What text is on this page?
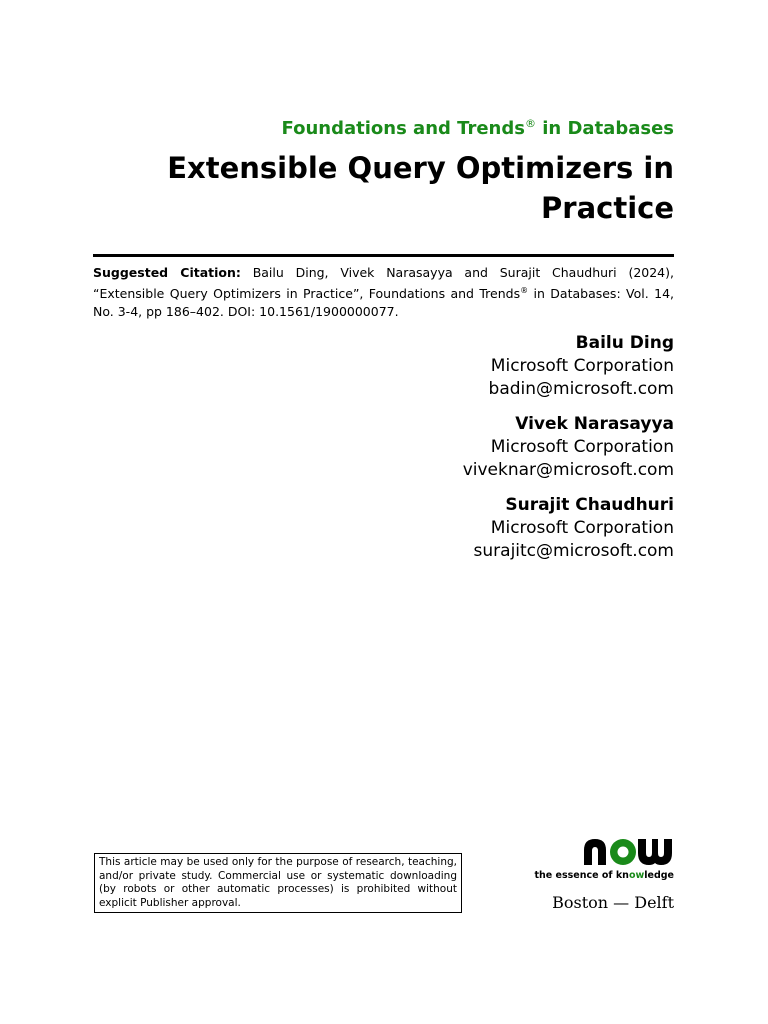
Foundations and Trends® in Databases
Extensible Query Optimizers in Practice
Suggested Citation: Bailu Ding, Vivek Narasayya and Surajit Chaudhuri (2024), “Extensible Query Optimizers in Practice”, Foundations and Trends® in Databases: Vol. 14, No. 3-4, pp 186–402. DOI: 10.1561/1900000077.
Bailu Ding
Microsoft Corporation
badin@microsoft.com
Vivek Narasayya
Microsoft Corporation
viveknar@microsoft.com
Surajit Chaudhuri
Microsoft Corporation
surajitc@microsoft.com
This article may be used only for the purpose of research, teaching, and/or private study. Commercial use or systematic downloading (by robots or other automatic processes) is prohibited without explicit Publisher approval.
the essence of knowledge
Boston — Delft
